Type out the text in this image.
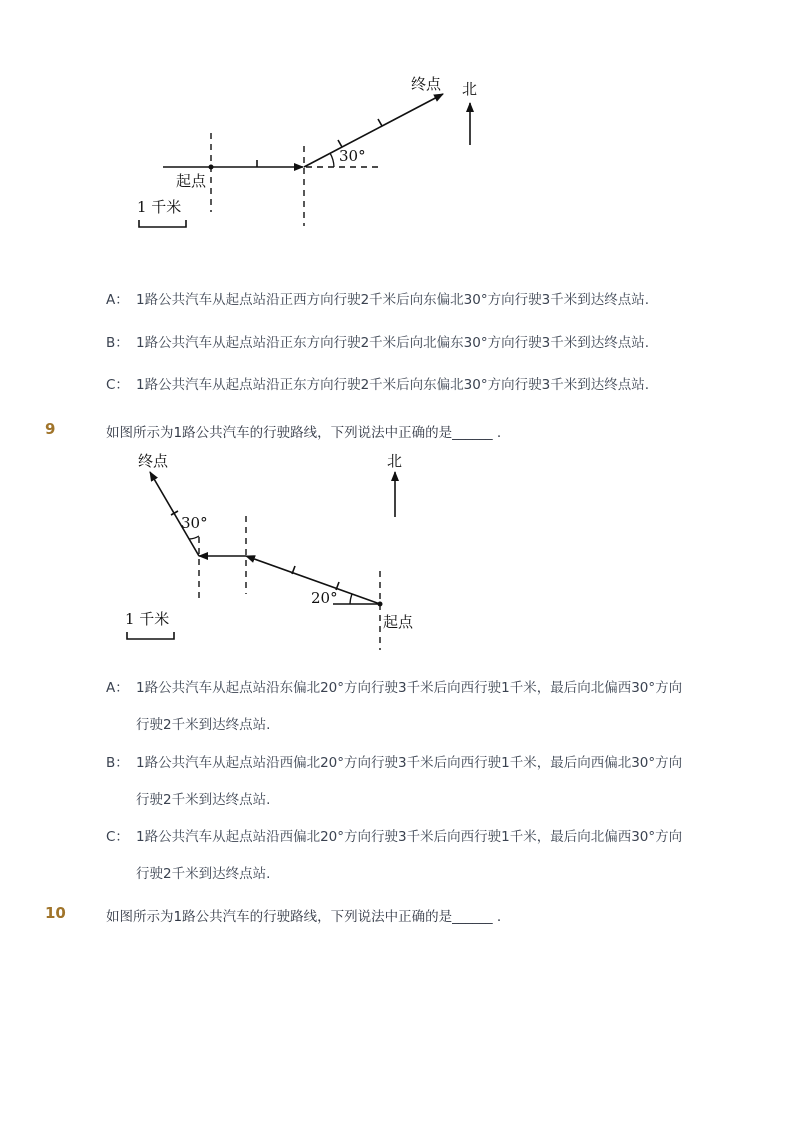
终点 北
30°
起点
1 千米
A： 1路公共汽车从起点站沿正西方向行驶2千米后向东偏北30°方向行驶3千米到达终点站.
B： 1路公共汽车从起点站沿正东方向行驶2千米后向北偏东30°方向行驶3千米到达终点站.
C： 1路公共汽车从起点站沿正东方向行驶2千米后向东偏北30°方向行驶3千米到达终点站.
9	如图所示为1路公共汽车的行驶路线，下列说法中正确的是______ .
终点	北
30°
20°
起点
1 千米
A： 1路公共汽车从起点站沿东偏北20°方向行驶3千米后向西行驶1千米，最后向北偏西30°方向
行驶2千米到达终点站.
B： 1路公共汽车从起点站沿西偏北20°方向行驶3千米后向西行驶1千米，最后向西偏北30°方向
行驶2千米到达终点站.
C： 1路公共汽车从起点站沿西偏北20°方向行驶3千米后向西行驶1千米，最后向北偏西30°方向
行驶2千米到达终点站.
10	如图所示为1路公共汽车的行驶路线，下列说法中正确的是______ .
